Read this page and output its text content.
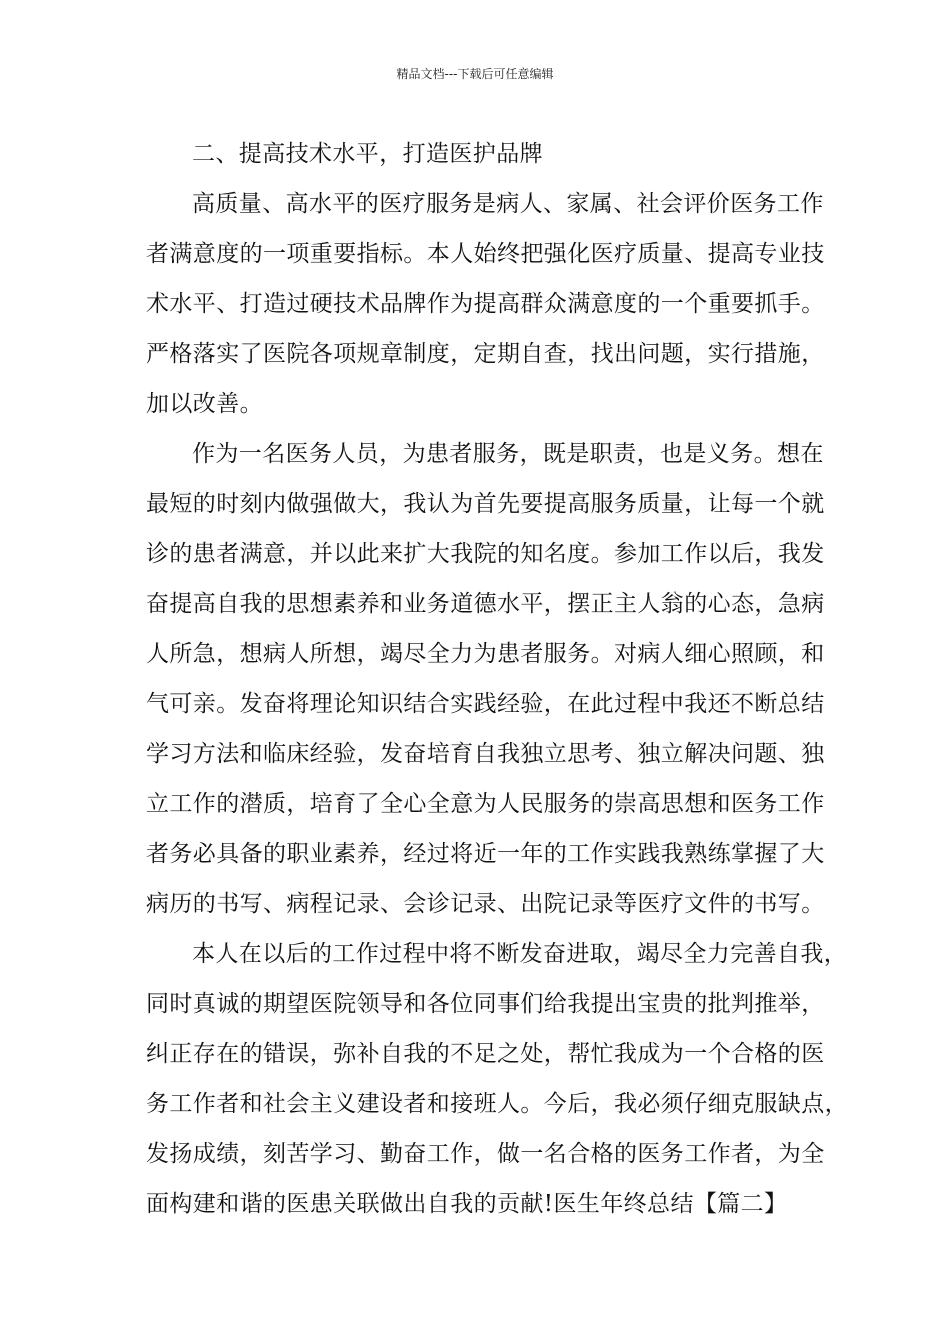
精品文档---下载后可任意编辑
二、提高技术水平，打造医护品牌
高质量、高水平的医疗服务是病人、家属、社会评价医务工作
者满意度的一项重要指标。本人始终把强化医疗质量、提高专业技
术水平、打造过硬技术品牌作为提高群众满意度的一个重要抓手。
严格落实了医院各项规章制度，定期自查，找出问题，实行措施，
加以改善。
作为一名医务人员，为患者服务，既是职责，也是义务。想在
最短的时刻内做强做大，我认为首先要提高服务质量，让每一个就
诊的患者满意，并以此来扩大我院的知名度。参加工作以后，我发
奋提高自我的思想素养和业务道德水平，摆正主人翁的心态，急病
人所急，想病人所想，竭尽全力为患者服务。对病人细心照顾，和
气可亲。发奋将理论知识结合实践经验，在此过程中我还不断总结
学习方法和临床经验，发奋培育自我独立思考、独立解决问题、独
立工作的潜质，培育了全心全意为人民服务的崇高思想和医务工作
者务必具备的职业素养，经过将近一年的工作实践我熟练掌握了大
病历的书写、病程记录、会诊记录、出院记录等医疗文件的书写。
本人在以后的工作过程中将不断发奋进取，竭尽全力完善自我，
同时真诚的期望医院领导和各位同事们给我提出宝贵的批判推举，
纠正存在的错误，弥补自我的不足之处，帮忙我成为一个合格的医
务工作者和社会主义建设者和接班人。今后，我必须仔细克服缺点，
发扬成绩，刻苦学习、勤奋工作，做一名合格的医务工作者，为全
面构建和谐的医患关联做出自我的贡献!医生年终总结【篇二】
